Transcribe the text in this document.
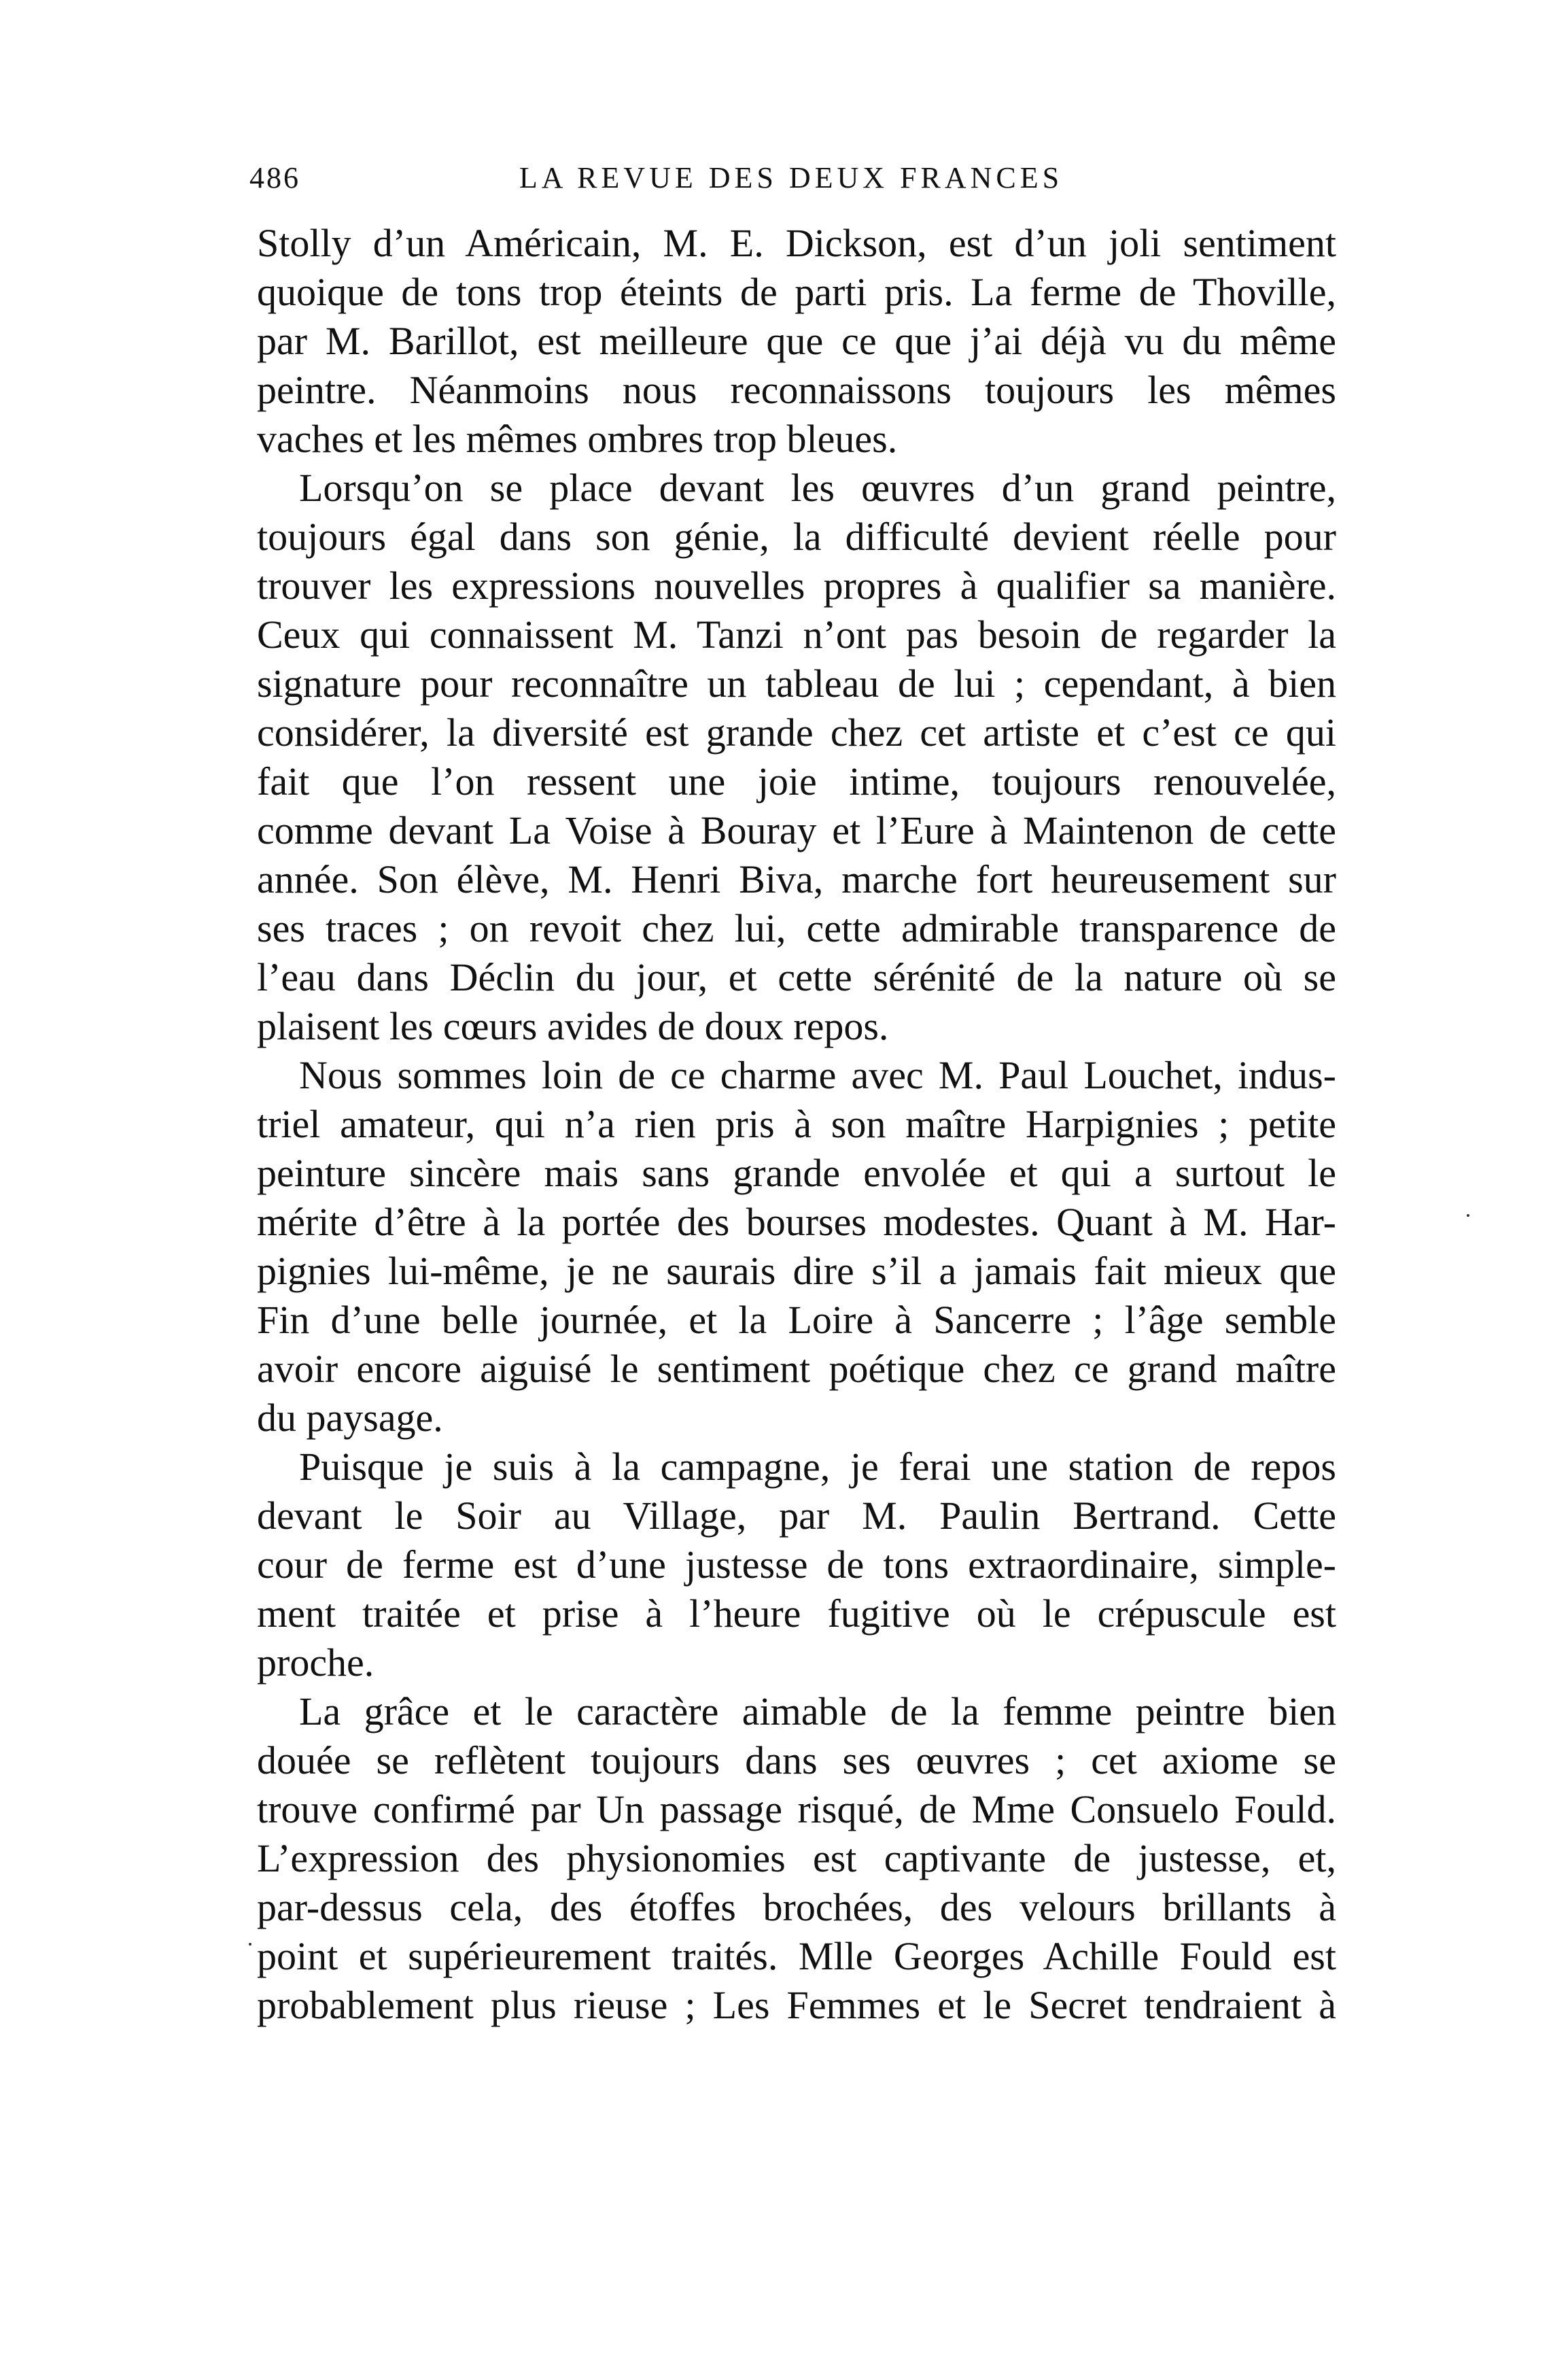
486	LA REVUE DES DEUX FRANCES
Stolly d’un Américain, M. E. Dickson, est d’un joli sentiment
quoique de tons trop éteints de parti pris. La ferme de Thoville,
par M. Barillot, est meilleure que ce que j’ai déjà vu du même
peintre. Néanmoins nous reconnaissons toujours les mêmes
vaches et les mêmes ombres trop bleues.
Lorsqu’on se place devant les œuvres d’un grand peintre,
toujours égal dans son génie, la difficulté devient réelle pour
trouver les expressions nouvelles propres à qualifier sa manière.
Ceux qui connaissent M. Tanzi n’ont pas besoin de regarder la
signature pour reconnaître un tableau de lui ; cependant, à bien
considérer, la diversité est grande chez cet artiste et c’est ce qui
fait que l’on ressent une joie intime, toujours renouvelée,
comme devant La Voise à Bouray et l’Eure à Maintenon de cette
année. Son élève, M. Henri Biva, marche fort heureusement sur
ses traces ; on revoit chez lui, cette admirable transparence de
l’eau dans Déclin du jour, et cette sérénité de la nature où se
plaisent les cœurs avides de doux repos.
Nous sommes loin de ce charme avec M. Paul Louchet, indus-
triel amateur, qui n’a rien pris à son maître Harpignies ; petite
peinture sincère mais sans grande envolée et qui a surtout le
mérite d’être à la portée des bourses modestes. Quant à M. Har-
pignies lui-même, je ne saurais dire s’il a jamais fait mieux que
Fin d’une belle journée, et la Loire à Sancerre ; l’âge semble
avoir encore aiguisé le sentiment poétique chez ce grand maître
du paysage.
Puisque je suis à la campagne, je ferai une station de repos
devant le Soir au Village, par M. Paulin Bertrand. Cette
cour de ferme est d’une justesse de tons extraordinaire, simple-
ment traitée et prise à l’heure fugitive où le crépuscule est
proche.
La grâce et le caractère aimable de la femme peintre bien
douée se reflètent toujours dans ses œuvres ; cet axiome se
trouve confirmé par Un passage risqué, de Mme Consuelo Fould.
L’expression des physionomies est captivante de justesse, et,
par-dessus cela, des étoffes brochées, des velours brillants à
point et supérieurement traités. Mlle Georges Achille Fould est
probablement plus rieuse ; Les Femmes et le Secret tendraient à
